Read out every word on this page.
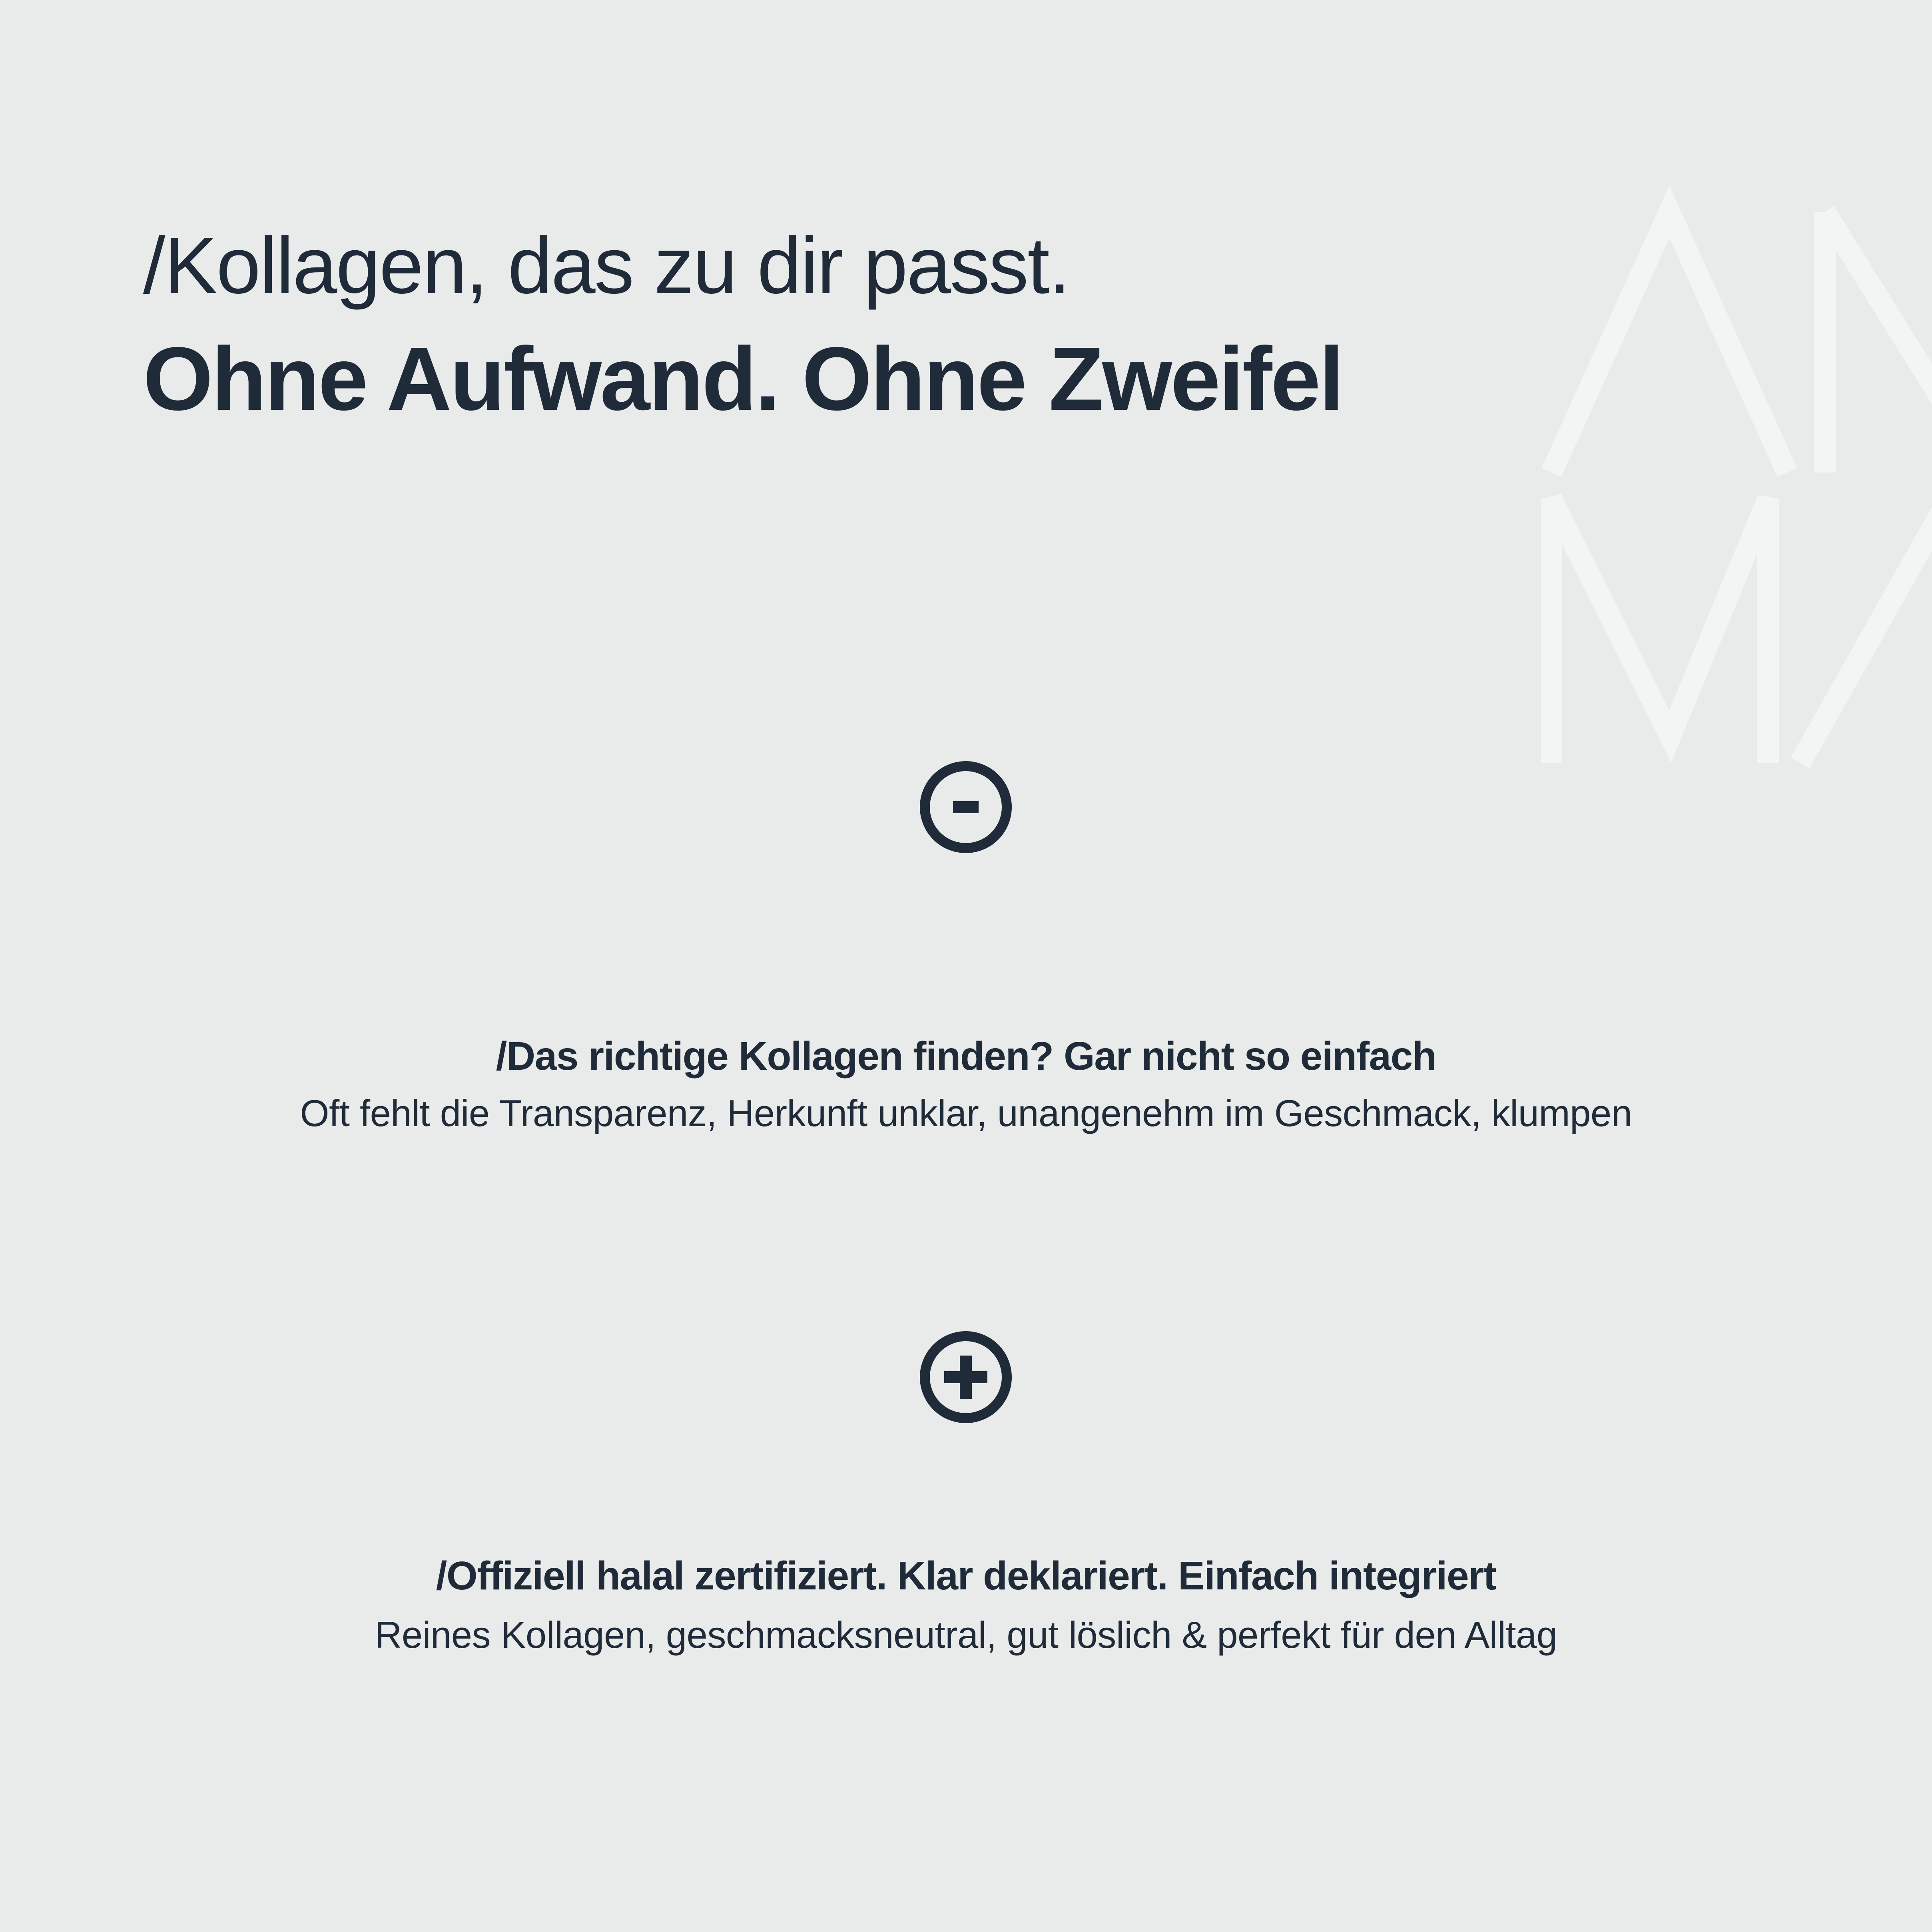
/Kollagen, das zu dir passt.
Ohne Aufwand. Ohne Zweifel
/Das richtige Kollagen finden? Gar nicht so einfach

Oft fehlt die Transparenz, Herkunft unklar, unangenehm im Geschmack, klumpen

/Offiziell halal zertifiziert. Klar deklariert. Einfach integriert

Reines Kollagen, geschmacksneutral, gut löslich & perfekt für den Alltag
